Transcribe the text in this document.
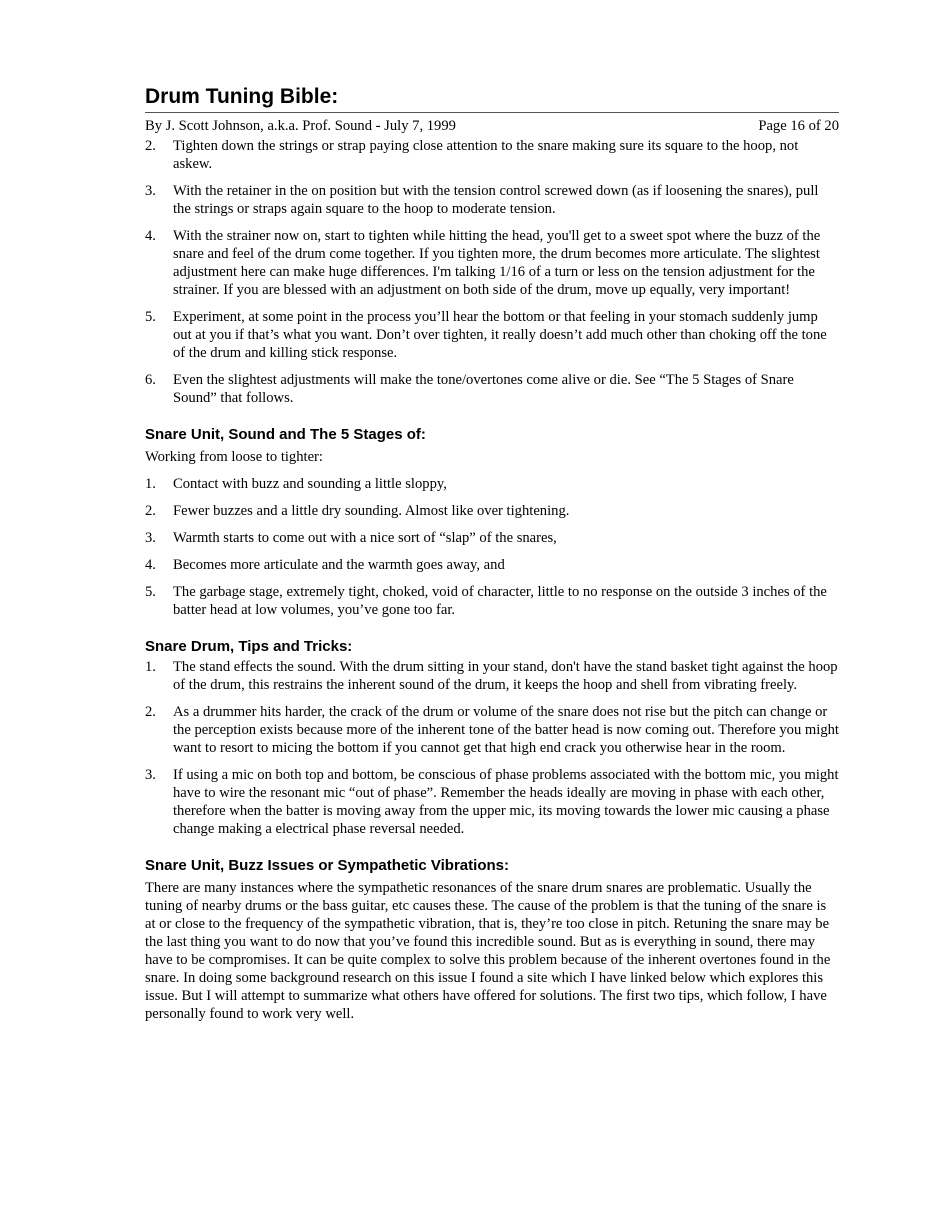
Drum Tuning Bible:
By J. Scott Johnson, a.k.a. Prof. Sound - July 7, 1999	Page 16 of 20
2.	Tighten down the strings or strap paying close attention to the snare making sure its square to the hoop, not askew.
3.	With the retainer in the on position but with the tension control screwed down (as if loosening the snares), pull the strings or straps again square to the hoop to moderate tension.
4.	With the strainer now on, start to tighten while hitting the head, you'll get to a sweet spot where the buzz of the snare and feel of the drum come together. If you tighten more, the drum becomes more articulate. The slightest adjustment here can make huge differences. I'm talking 1/16 of a turn or less on the tension adjustment for the strainer. If you are blessed with an adjustment on both side of the drum, move up equally, very important!
5.	Experiment, at some point in the process you’ll hear the bottom or that feeling in your stomach suddenly jump out at you if that’s what you want. Don’t over tighten, it really doesn’t add much other than choking off the tone of the drum and killing stick response.
6.	Even the slightest adjustments will make the tone/overtones come alive or die. See “The 5 Stages of Snare Sound” that follows.
Snare Unit, Sound and The 5 Stages of:

Working from loose to tighter:

1.	Contact with buzz and sounding a little sloppy,
2.	Fewer buzzes and a little dry sounding. Almost like over tightening.
3.	Warmth starts to come out with a nice sort of “slap” of the snares,
4.	Becomes more articulate and the warmth goes away, and
5.	The garbage stage, extremely tight, choked, void of character, little to no response on the outside 3 inches of the batter head at low volumes, you’ve gone too far.
Snare Drum, Tips and Tricks:
1.	The stand effects the sound. With the drum sitting in your stand, don't have the stand basket tight against the hoop of the drum, this restrains the inherent sound of the drum, it keeps the hoop and shell from vibrating freely.
2.	As a drummer hits harder, the crack of the drum or volume of the snare does not rise but the pitch can change or the perception exists because more of the inherent tone of the batter head is now coming out. Therefore you might want to resort to micing the bottom if you cannot get that high end crack you otherwise hear in the room.
3.	If using a mic on both top and bottom, be conscious of phase problems associated with the bottom mic, you might have to wire the resonant mic “out of phase”. Remember the heads ideally are moving in phase with each other, therefore when the batter is moving away from the upper mic, its moving towards the lower mic causing a phase change making a electrical phase reversal needed.
Snare Unit, Buzz Issues or Sympathetic Vibrations:

There are many instances where the sympathetic resonances of the snare drum snares are problematic. Usually the tuning of nearby drums or the bass guitar, etc causes these. The cause of the problem is that the tuning of the snare is at or close to the frequency of the sympathetic vibration, that is, they’re too close in pitch. Retuning the snare may be the last thing you want to do now that you’ve found this incredible sound. But as is everything in sound, there may have to be compromises. It can be quite complex to solve this problem because of the inherent overtones found in the snare. In doing some background research on this issue I found a site which I have linked below which explores this issue. But I will attempt to summarize what others have offered for solutions. The first two tips, which follow, I have personally found to work very well.
